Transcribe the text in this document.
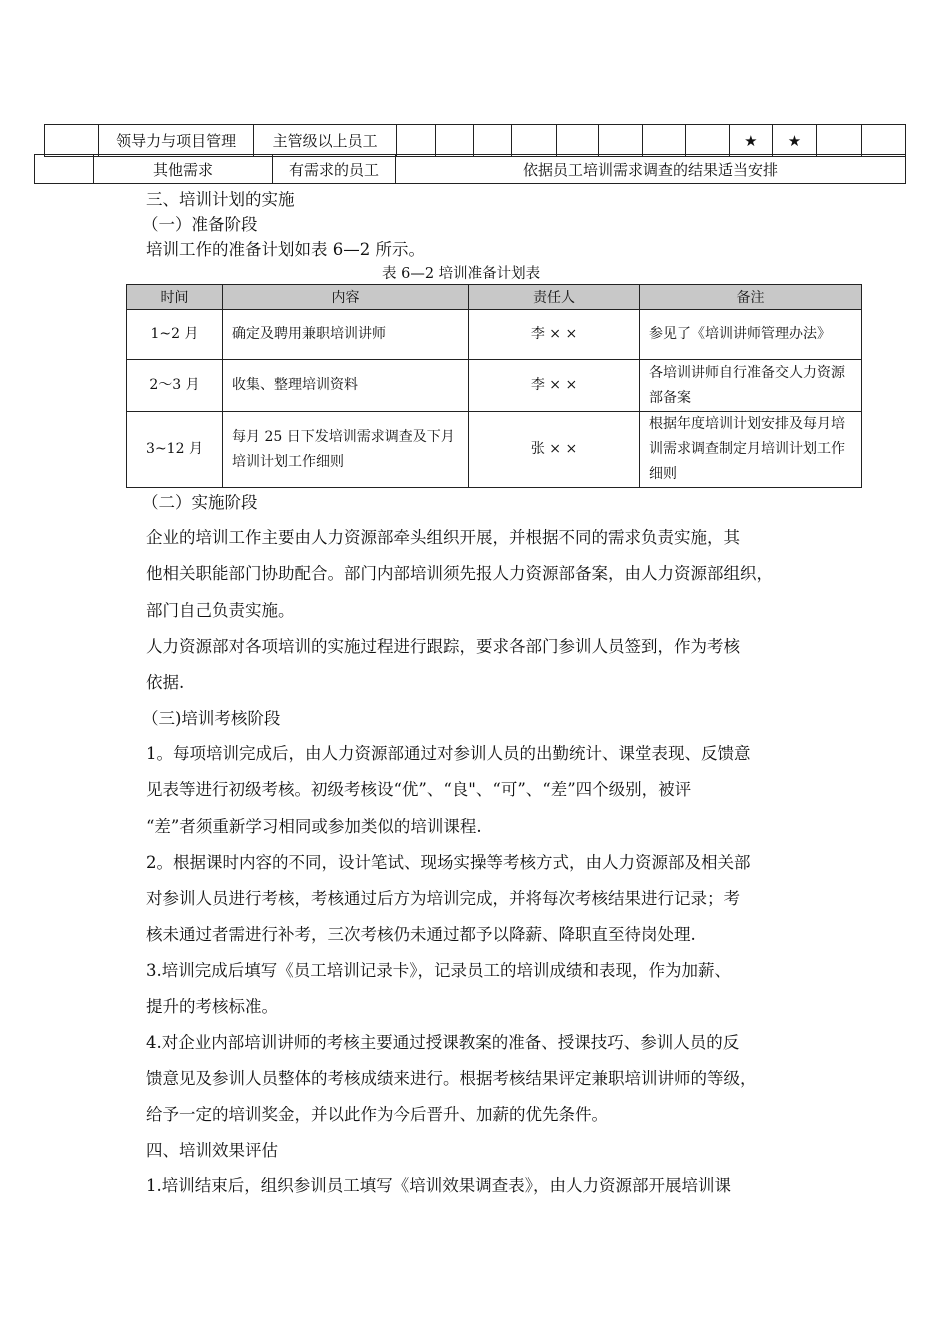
	领导力与项目管理	主管级以上员工									★	★		
	其他需求	有需求的员工	依据员工培训需求调查的结果适当安排
三、培训计划的实施
（一）准备阶段
培训工作的准备计划如表 6—2 所示。
表 6—2 培训准备计划表
时间	内容	责任人	备注
1~2 月	确定及聘用兼职培训讲师	李 × ×	参见了《培训讲师管理办法》
2～3 月	收集、整理培训资料	李 × ×	各培训讲师自行准备交人力资源部备案
3~12 月	每月 25 日下发培训需求调查及下月培训计划工作细则	张 × ×	根据年度培训计划安排及每月培训需求调查制定月培训计划工作细则
（二）实施阶段
企业的培训工作主要由人力资源部牵头组织开展，并根据不同的需求负责实施，其
他相关职能部门协助配合。部门内部培训须先报人力资源部备案，由人力资源部组织，
部门自己负责实施。
人力资源部对各项培训的实施过程进行跟踪，要求各部门参训人员签到，作为考核
依据.
（三)培训考核阶段
1。每项培训完成后，由人力资源部通过对参训人员的出勤统计、课堂表现、反馈意
见表等进行初级考核。初级考核设“优”、“良"、“可”、“差”四个级别，被评
“差”者须重新学习相同或参加类似的培训课程.
2。根据课时内容的不同，设计笔试、现场实操等考核方式，由人力资源部及相关部
对参训人员进行考核，考核通过后方为培训完成，并将每次考核结果进行记录；考
核未通过者需进行补考，三次考核仍未通过都予以降薪、降职直至待岗处理.
3.培训完成后填写《员工培训记录卡》，记录员工的培训成绩和表现，作为加薪、
提升的考核标准。
4.对企业内部培训讲师的考核主要通过授课教案的准备、授课技巧、参训人员的反
馈意见及参训人员整体的考核成绩来进行。根据考核结果评定兼职培训讲师的等级，
给予一定的培训奖金，并以此作为今后晋升、加薪的优先条件。
四、培训效果评估
1.培训结束后，组织参训员工填写《培训效果调查表》，由人力资源部开展培训课
